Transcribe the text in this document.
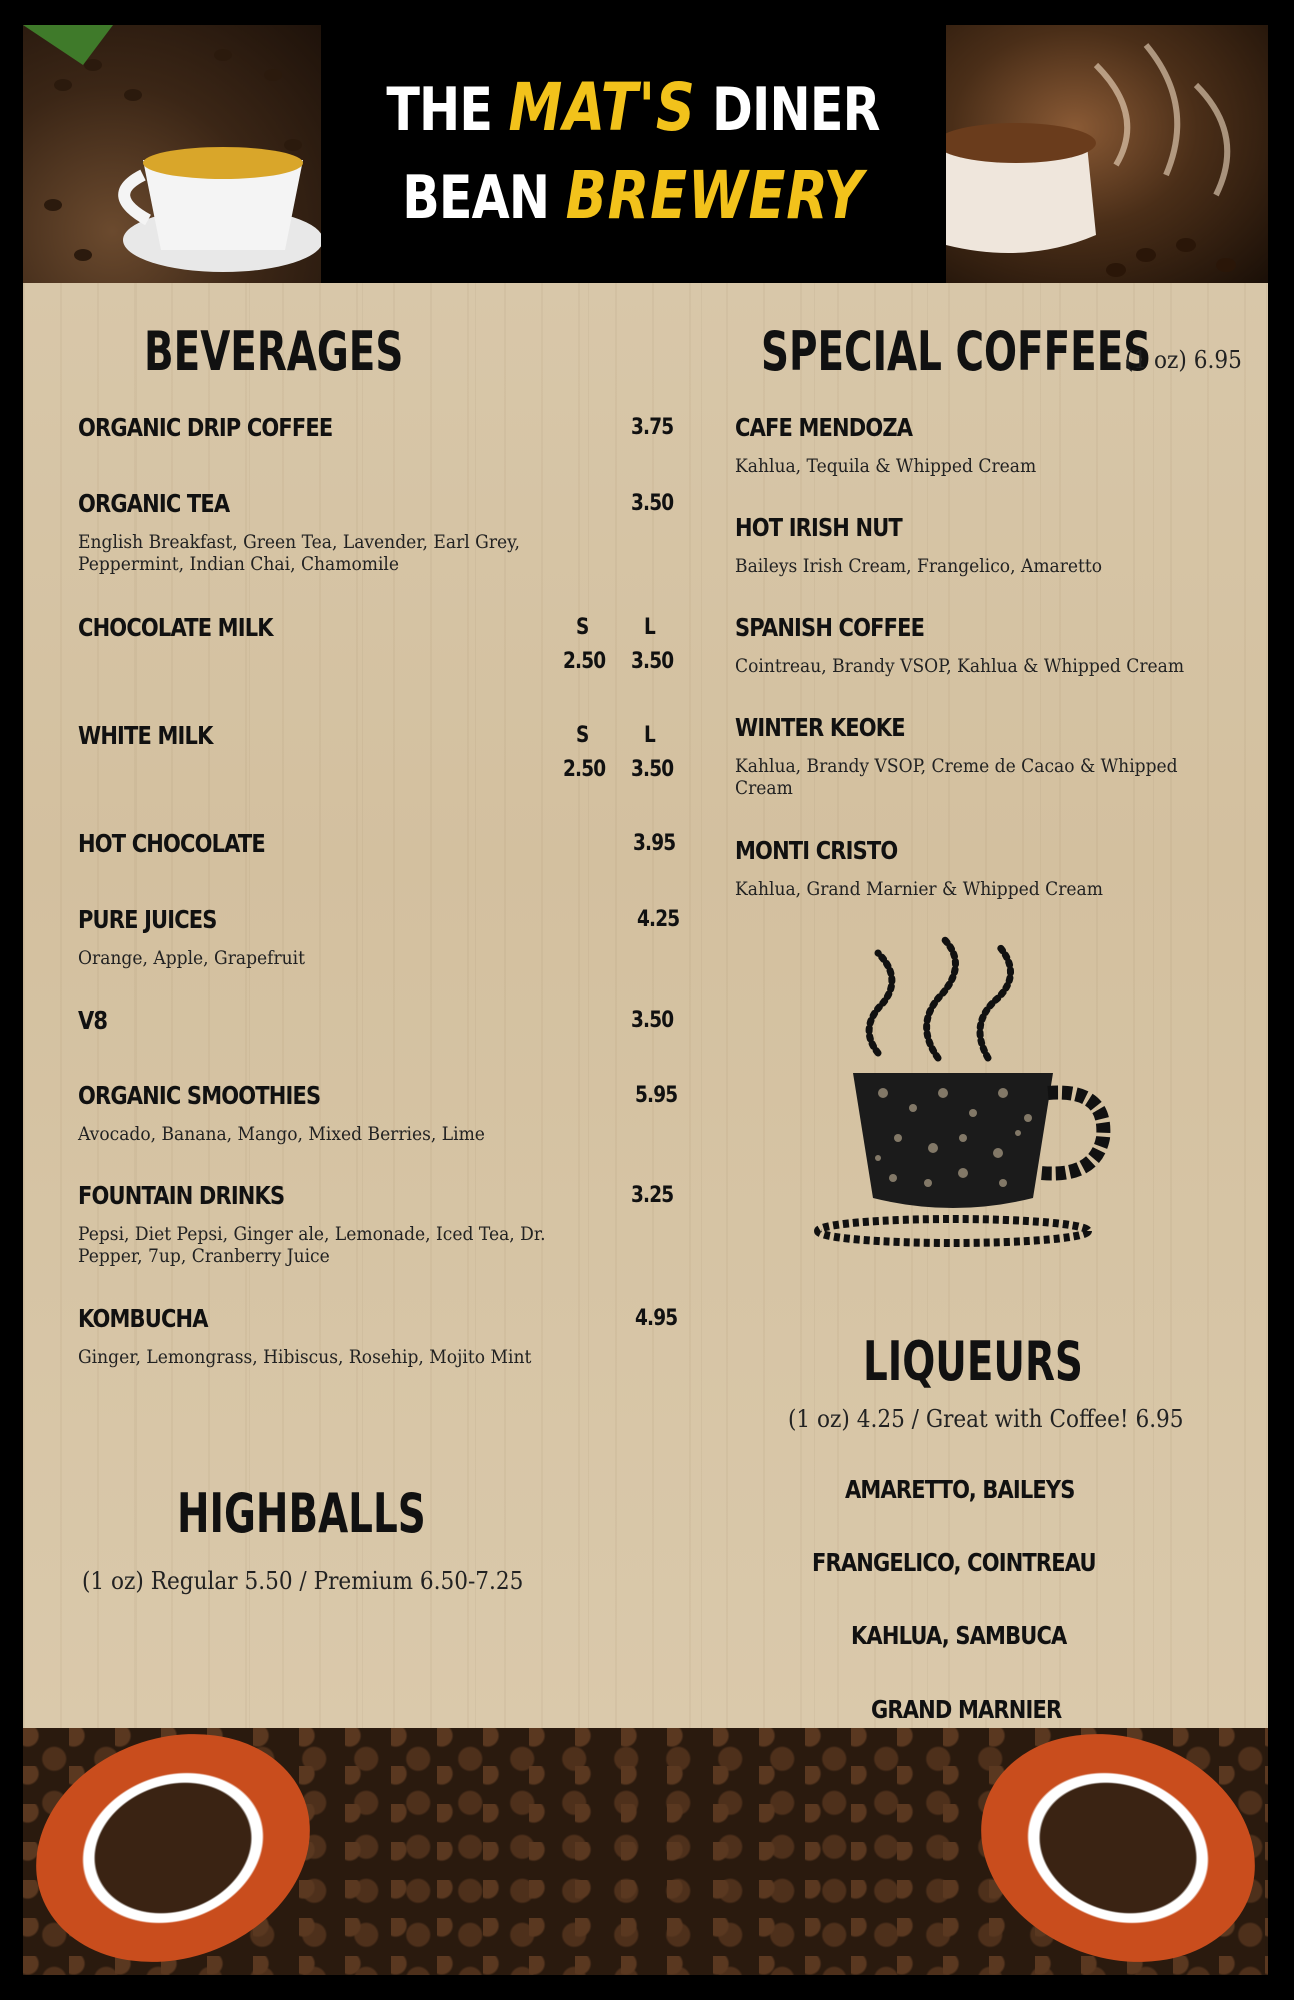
THE MAT'S DINER
BEAN BREWERY
BEVERAGES
ORGANIC DRIP COFFEE	3.75
ORGANIC TEA	3.50
English Breakfast, Green Tea, Lavender, Earl Grey,
Peppermint, Indian Chai, Chamomile
CHOCOLATE MILK	S	L
2.50 3.50
WHITE MILK	S	L
2.50 3.50
HOT CHOCOLATE	3.95
PURE JUICES	4.25
Orange, Apple, Grapefruit
V8	3.50
ORGANIC SMOOTHIES	5.95
Avocado, Banana, Mango, Mixed Berries, Lime
FOUNTAIN DRINKS	3.25
Pepsi, Diet Pepsi, Ginger ale, Lemonade, Iced Tea, Dr.
Pepper, 7up, Cranberry Juice
KOMBUCHA	4.95
Ginger, Lemongrass, Hibiscus, Rosehip, Mojito Mint
HIGHBALLS
(1 oz) Regular 5.50 / Premium 6.50-7.25
SPECIAL COFFEES
(1 oz) 6.95
CAFE MENDOZA
Kahlua, Tequila & Whipped Cream
HOT IRISH NUT
Baileys Irish Cream, Frangelico, Amaretto
SPANISH COFFEE
Cointreau, Brandy VSOP, Kahlua & Whipped Cream
WINTER KEOKE
Kahlua, Brandy VSOP, Creme de Cacao & Whipped
Cream
MONTI CRISTO
Kahlua, Grand Marnier & Whipped Cream
LIQUEURS
(1 oz) 4.25 / Great with Coffee! 6.95
AMARETTO, BAILEYS
FRANGELICO, COINTREAU
KAHLUA, SAMBUCA
GRAND MARNIER
